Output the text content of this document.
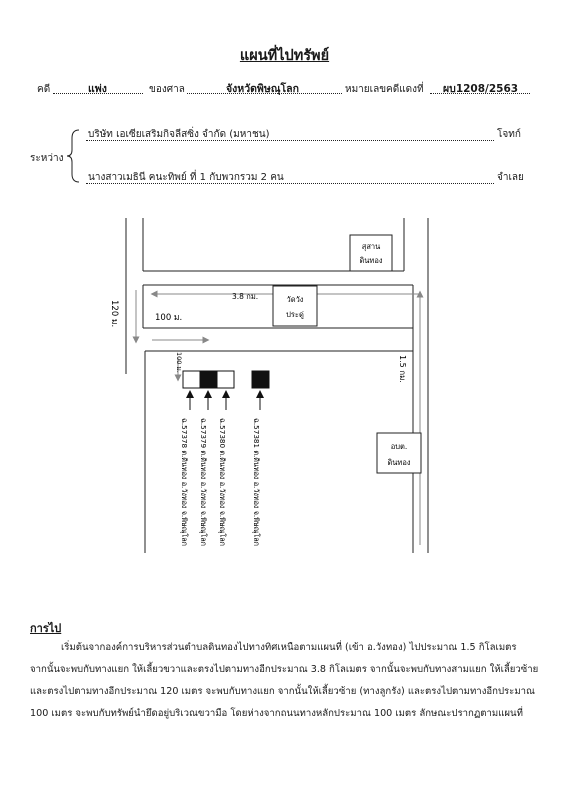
แผนที่ไปทรัพย์
คดี	แพ่ง	ของศาล	จังหวัดพิษณุโลก	หมายเลขคดีแดงที่ ผบ1208/2563
ระหว่าง
บริษัท เอเซียเสริมกิจลีสซิ่ง จำกัด (มหาชน)	โจทก์
นางสาวเมธินี ฅนะทิพย์ ที่ 1 กับพวกรวม 2 คน	จำเลย
สุสาน
ดินทอง
วัดวัง
ประดู่
อบต.
ดินทอง
3.8 กม.
100 ม.
120 ม.
1.5 กม.
100 ม.
ฉ.57378 ต.ดินทอง อ.วังทอง จ.พิษณุโลก ฉ.57379 ต.ดินทอง อ.วังทอง จ.พิษณุโลก ฉ.57380 ต.ดินทอง อ.วังทอง จ.พิษณุโลก	ฉ.57381 ต.ดินทอง อ.วังทอง จ.พิษณุโลก
การไป
เริ่มต้นจากองค์การบริหารส่วนตำบลดินทองไปทางทิศเหนือตามแผนที่ (เข้า อ.วังทอง) ไปประมาณ 1.5 กิโลเมตร
จากนั้นจะพบกับทางแยก ให้เลี้ยวขวาและตรงไปตามทางอีกประมาณ 3.8 กิโลเมตร จากนั้นจะพบกับทางสามแยก ให้เลี้ยวซ้าย
และตรงไปตามทางอีกประมาณ 120 เมตร จะพบกับทางแยก จากนั้นให้เลี้ยวซ้าย (ทางลูกรัง) และตรงไปตามทางอีกประมาณ
100 เมตร จะพบกับทรัพย์นำยึดอยู่บริเวณขวามือ โดยห่างจากถนนทางหลักประมาณ 100 เมตร ลักษณะปรากฏตามแผนที่
